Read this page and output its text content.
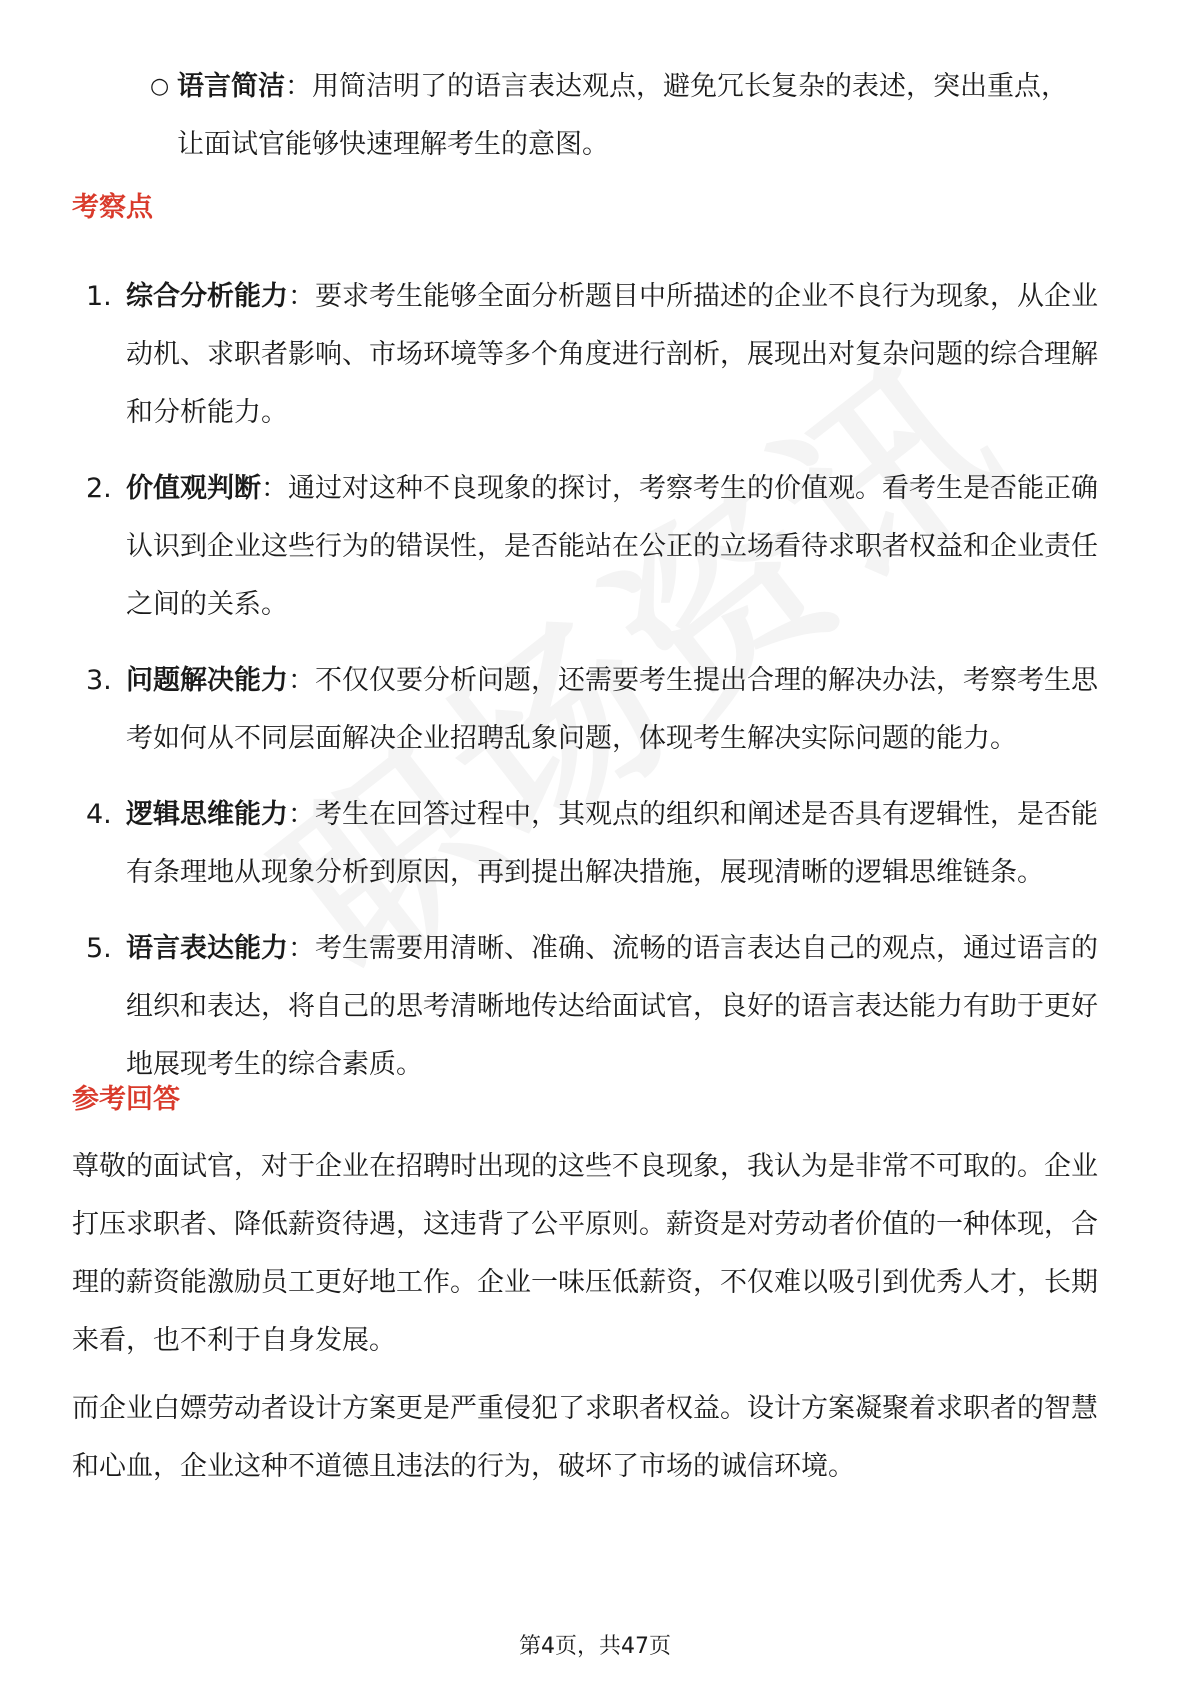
○ 语言简洁：用简洁明了的语言表达观点，避免冗长复杂的表述，突出重点，让面试官能够快速理解考生的意图。
考察点
1. 综合分析能力：要求考生能够全面分析题目中所描述的企业不良行为现象，从企业动机、求职者影响、市场环境等多个角度进行剖析，展现出对复杂问题的综合理解和分析能力。
2. 价值观判断：通过对这种不良现象的探讨，考察考生的价值观。看考生是否能正确认识到企业这些行为的错误性，是否能站在公正的立场看待求职者权益和企业责任之间的关系。
3. 问题解决能力：不仅仅要分析问题，还需要考生提出合理的解决办法，考察考生思考如何从不同层面解决企业招聘乱象问题，体现考生解决实际问题的能力。
4. 逻辑思维能力：考生在回答过程中，其观点的组织和阐述是否具有逻辑性，是否能有条理地从现象分析到原因，再到提出解决措施，展现清晰的逻辑思维链条。
5. 语言表达能力：考生需要用清晰、准确、流畅的语言表达自己的观点，通过语言的组织和表达，将自己的思考清晰地传达给面试官，良好的语言表达能力有助于更好地展现考生的综合素质。
参考回答

尊敬的面试官，对于企业在招聘时出现的这些不良现象，我认为是非常不可取的。企业打压求职者、降低薪资待遇，这违背了公平原则。薪资是对劳动者价值的一种体现，合理的薪资能激励员工更好地工作。企业一味压低薪资，不仅难以吸引到优秀人才，长期来看，也不利于自身发展。

而企业白嫖劳动者设计方案更是严重侵犯了求职者权益。设计方案凝聚着求职者的智慧和心血，企业这种不道德且违法的行为，破坏了市场的诚信环境。

第4页，共47页
